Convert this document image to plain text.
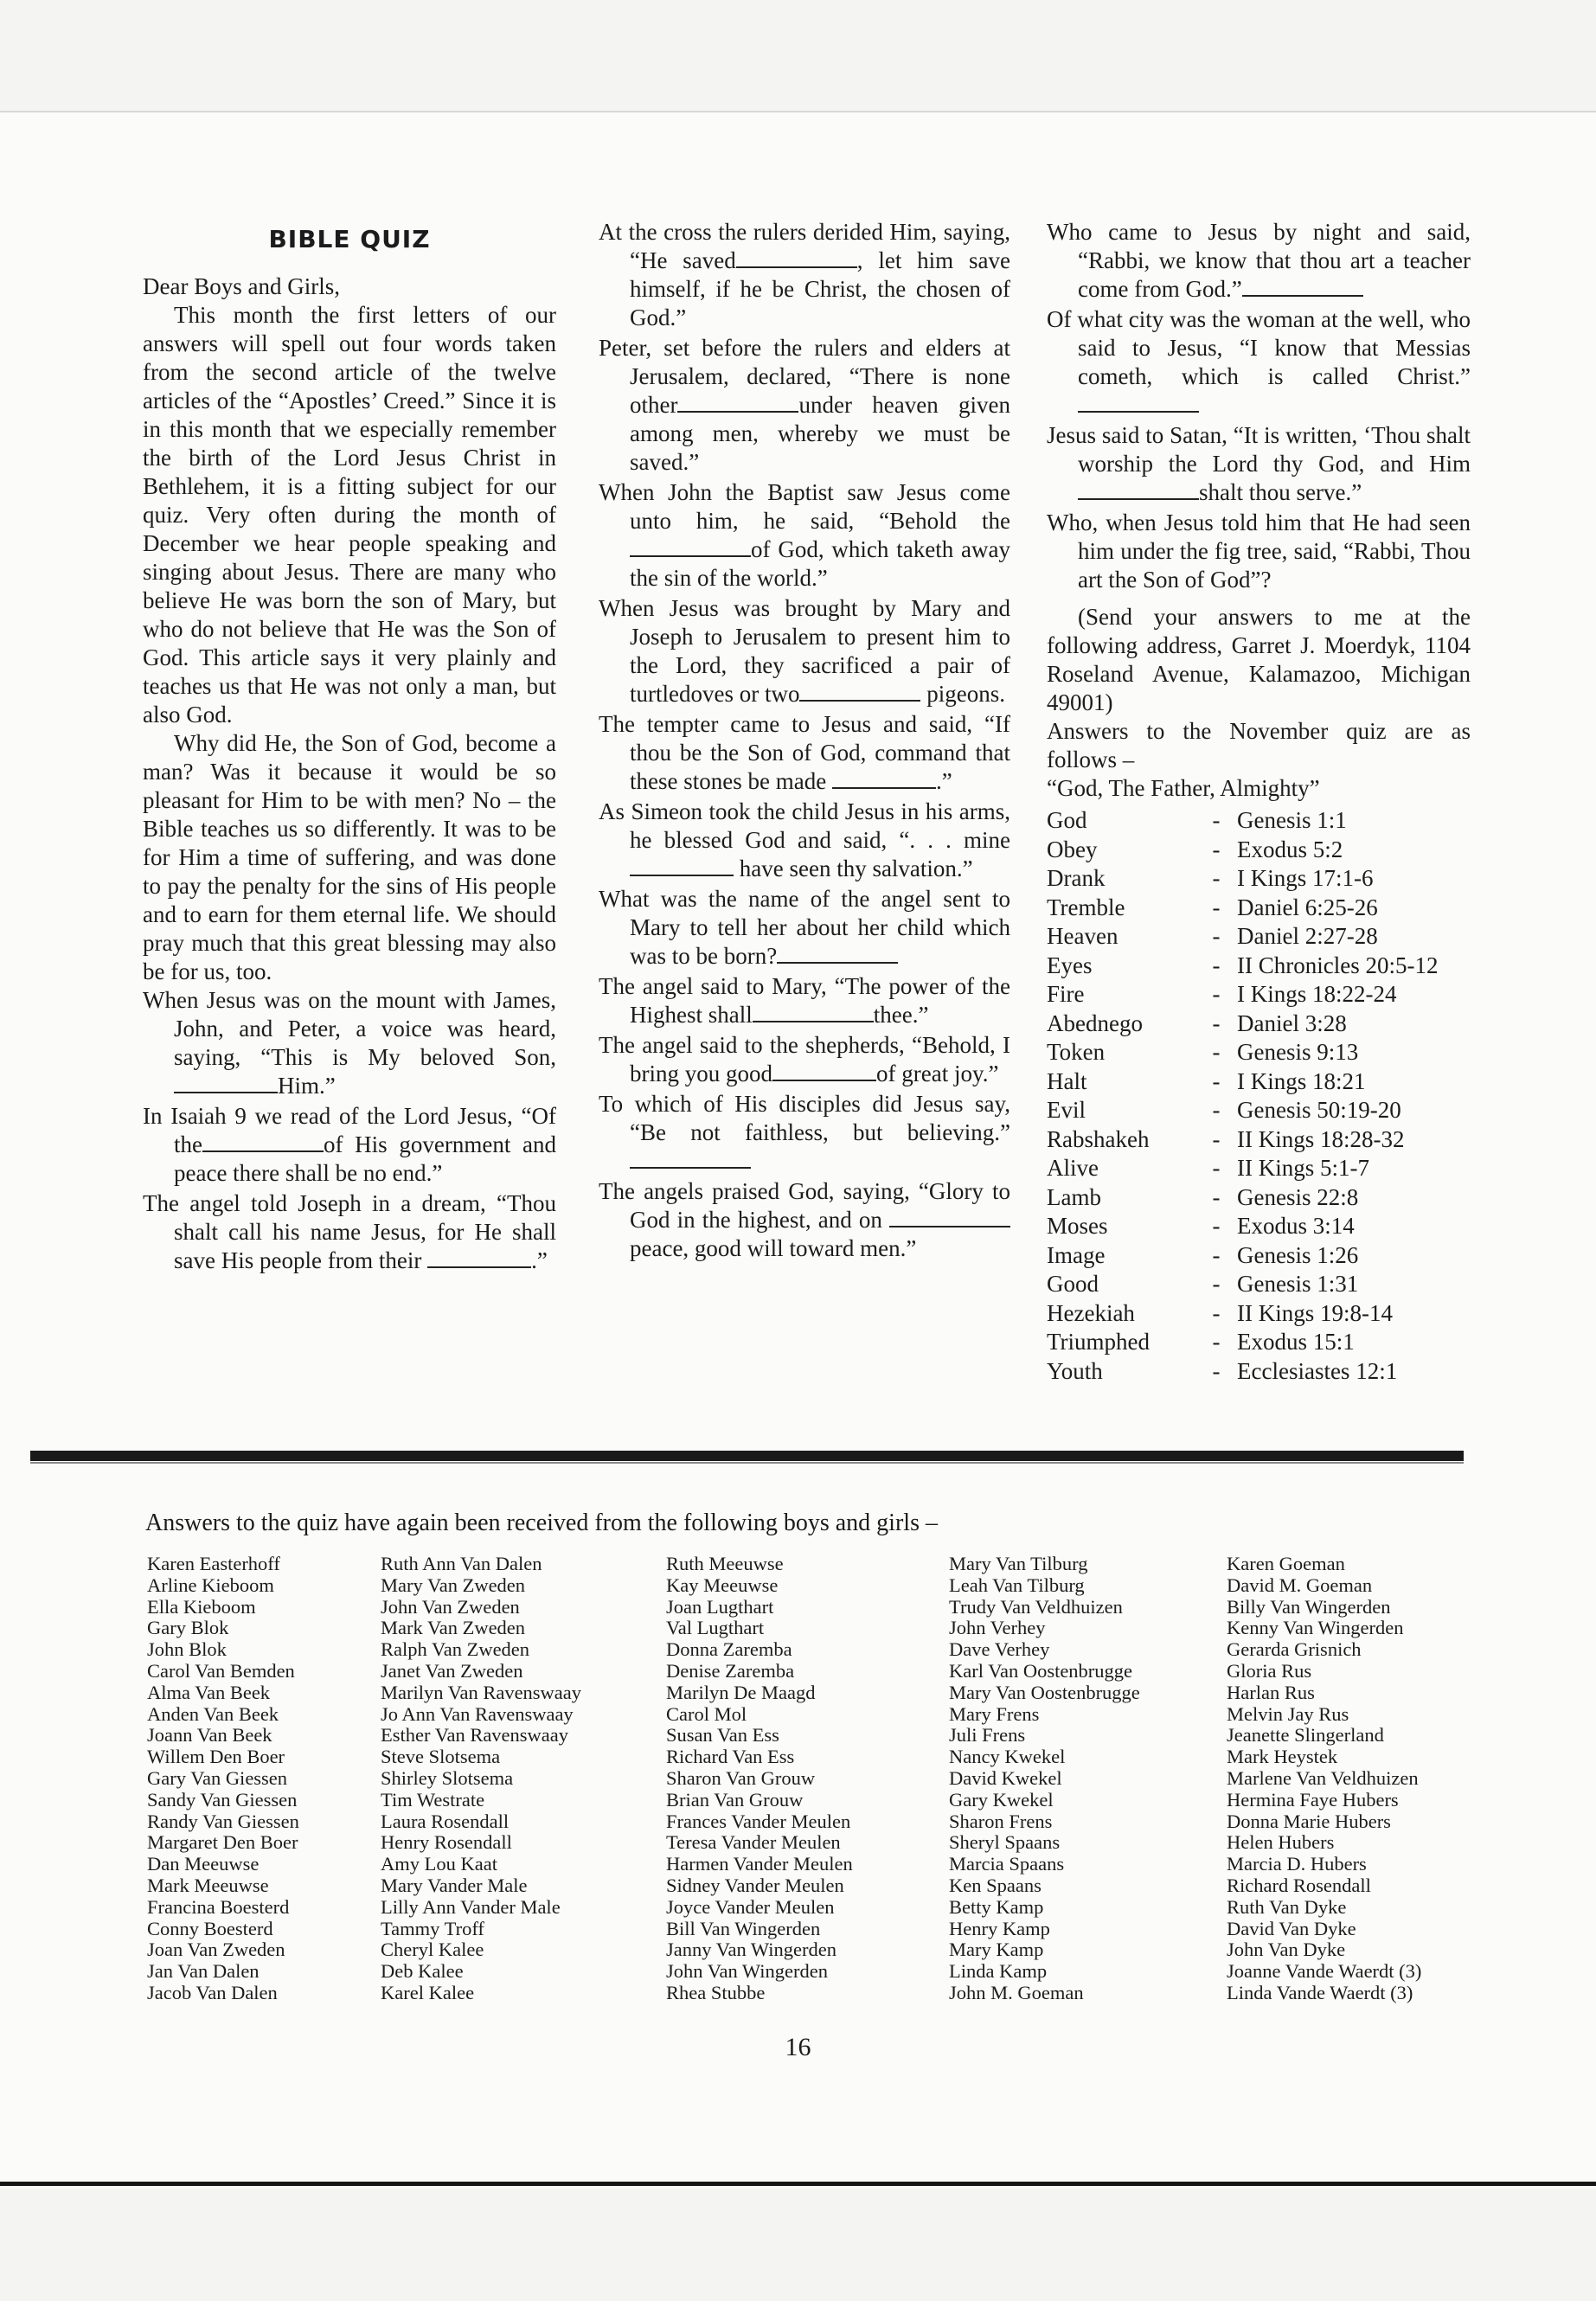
BIBLE QUIZ

Dear Boys and Girls,

This month the first letters of our answers will spell out four words taken from the second article of the twelve articles of the “Apostles’ Creed.” Since it is in this month that we especially remember the birth of the Lord Jesus Christ in Bethlehem, it is a fitting subject for our quiz. Very often during the month of December we hear people speaking and singing about Jesus. There are many who believe He was born the son of Mary, but who do not believe that He was the Son of God. This article says it very plainly and teaches us that He was not only a man, but also God.

Why did He, the Son of God, become a man? Was it because it would be so pleasant for Him to be with men? No – the Bible teaches us so differently. It was to be for Him a time of suffering, and was done to pay the penalty for the sins of His people and to earn for them eternal life. We should pray much that this great blessing may also be for us, too.

When Jesus was on the mount with James, John, and Peter, a voice was heard, saying, “This is My beloved Son,Him.”
In Isaiah 9 we read of the Lord Jesus, “Of the	of His government and peace there shall be no end.”
The angel told Joseph in a dream, “Thou shalt call his name Jesus, for He shall save His people from their	.”
At the cross the rulers derided Him, saying, “He saved	, let him save himself, if he be Christ, the chosen of God.”
Peter, set before the rulers and elders at Jerusalem, declared, “There is none other	under heaven given among men, whereby we must be saved.”
When John the Baptist saw Jesus come unto him, he said, “Behold the of God, which taketh away the sin of the world.”
When Jesus was brought by Mary and Joseph to Jerusalem to present him to the Lord, they sacrificed a pair of turtledoves or two	pigeons.
The tempter came to Jesus and said, “If thou be the Son of God, command that these stones be made	.”
As Simeon took the child Jesus in his arms, he blessed God and said, “. . . mine have seen thy salvation.”
What was the name of the angel sent to Mary to tell her about her child which was to be born?
The angel said to Mary, “The power of the Highest shall	thee.”
The angel said to the shepherds, “Behold, I bring you good	of great joy.”
To which of His disciples did Jesus say, “Be not faithless, but believing.”
The angels praised God, saying, “Glory to God in the highest, and on peace, good will toward men.”
Who came to Jesus by night and said, “Rabbi, we know that thou art a teacher come from God.”
Of what city was the woman at the well, who said to Jesus, “I know that Messias cometh, which is called Christ.”
Jesus said to Satan, “It is written, ‘Thou shalt worship the Lord thy God, and Himshalt thou serve.”
Who, when Jesus told him that He had seen him under the fig tree, said, “Rabbi, Thou art the Son of God”?

(Send your answers to me at the following address, Garret J. Moerdyk, 1104 Roseland Avenue, Kalamazoo, Michigan 49001)

Answers to the November quiz are as follows –

“God, The Father, Almighty”

God	- Genesis 1:1
Obey	- Exodus 5:2
Drank	- I Kings 17:1-6
Tremble	- Daniel 6:25-26
Heaven	- Daniel 2:27-28
Eyes	- II Chronicles 20:5-12
Fire	- I Kings 18:22-24
Abednego	- Daniel 3:28
Token	- Genesis 9:13
Halt	- I Kings 18:21
Evil	- Genesis 50:19-20
Rabshakeh	- II Kings 18:28-32
Alive	- II Kings 5:1-7
Lamb	- Genesis 22:8
Moses	- Exodus 3:14
Image	- Genesis 1:26
Good	- Genesis 1:31
Hezekiah	- II Kings 19:8-14
Triumphed	- Exodus 15:1
Youth	- Ecclesiastes 12:1
Answers to the quiz have again been received from the following boys and girls –
Karen Easterhoff
Arline Kieboom
Ella Kieboom
Gary Blok
John Blok
Carol Van Bemden
Alma Van Beek
Anden Van Beek
Joann Van Beek
Willem Den Boer
Gary Van Giessen
Sandy Van Giessen
Randy Van Giessen
Margaret Den Boer
Dan Meeuwse
Mark Meeuwse
Francina Boesterd
Conny Boesterd
Joan Van Zweden
Jan Van Dalen
Jacob Van Dalen
Ruth Ann Van Dalen
Mary Van Zweden
John Van Zweden
Mark Van Zweden
Ralph Van Zweden
Janet Van Zweden
Marilyn Van Ravenswaay
Jo Ann Van Ravenswaay
Esther Van Ravenswaay
Steve Slotsema
Shirley Slotsema
Tim Westrate
Laura Rosendall
Henry Rosendall
Amy Lou Kaat
Mary Vander Male
Lilly Ann Vander Male
Tammy Troff
Cheryl Kalee
Deb Kalee
Karel Kalee
Ruth Meeuwse
Kay Meeuwse
Joan Lugthart
Val Lugthart
Donna Zaremba
Denise Zaremba
Marilyn De Maagd
Carol Mol
Susan Van Ess
Richard Van Ess
Sharon Van Grouw
Brian Van Grouw
Frances Vander Meulen
Teresa Vander Meulen
Harmen Vander Meulen
Sidney Vander Meulen
Joyce Vander Meulen
Bill Van Wingerden
Janny Van Wingerden
John Van Wingerden
Rhea Stubbe
Mary Van Tilburg
Leah Van Tilburg
Trudy Van Veldhuizen
John Verhey
Dave Verhey
Karl Van Oostenbrugge
Mary Van Oostenbrugge
Mary Frens
Juli Frens
Nancy Kwekel
David Kwekel
Gary Kwekel
Sharon Frens
Sheryl Spaans
Marcia Spaans
Ken Spaans
Betty Kamp
Henry Kamp
Mary Kamp
Linda Kamp
John M. Goeman
Karen Goeman
David M. Goeman
Billy Van Wingerden
Kenny Van Wingerden
Gerarda Grisnich
Gloria Rus
Harlan Rus
Melvin Jay Rus
Jeanette Slingerland
Mark Heystek
Marlene Van Veldhuizen
Hermina Faye Hubers
Donna Marie Hubers
Helen Hubers
Marcia D. Hubers
Richard Rosendall
Ruth Van Dyke
David Van Dyke
John Van Dyke
Joanne Vande Waerdt (3)
Linda Vande Waerdt (3)
16
